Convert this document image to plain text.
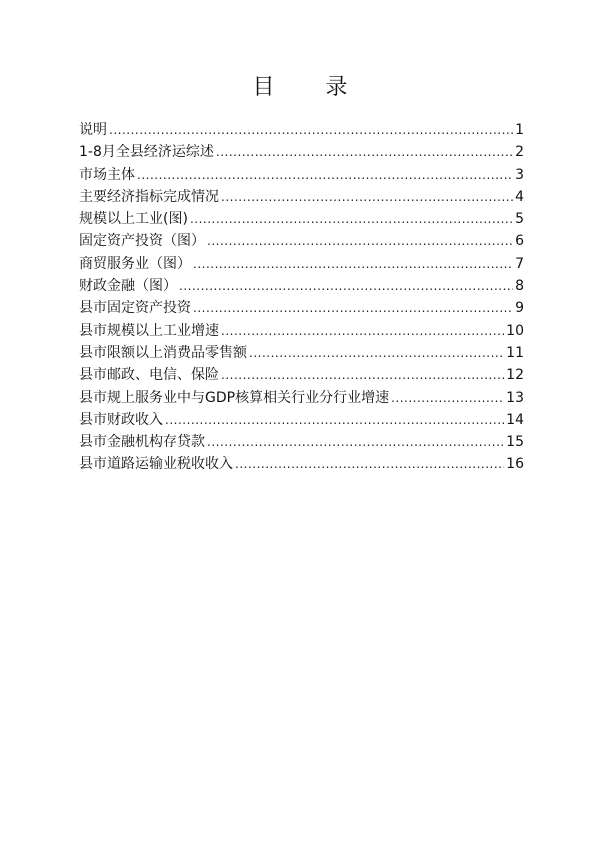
目 录
说明 .....	1
1-8月全县经济运综述 .....	2
市场主体 .....	3
主要经济指标完成情况 .....	4
规模以上工业(图) .....	5
固定资产投资（图） .....	6
商贸服务业（图） .....	7
财政金融（图） .....	8
县市固定资产投资 .....	9
县市规模以上工业增速 .....	10
县市限额以上消费品零售额 .....	11
县市邮政、电信、保险 .....	12
县市规上服务业中与GDP核算相关行业分行业增速 .....	13
县市财政收入 .....	14
县市金融机构存贷款 .....	15
县市道路运输业税收收入 .....	16
